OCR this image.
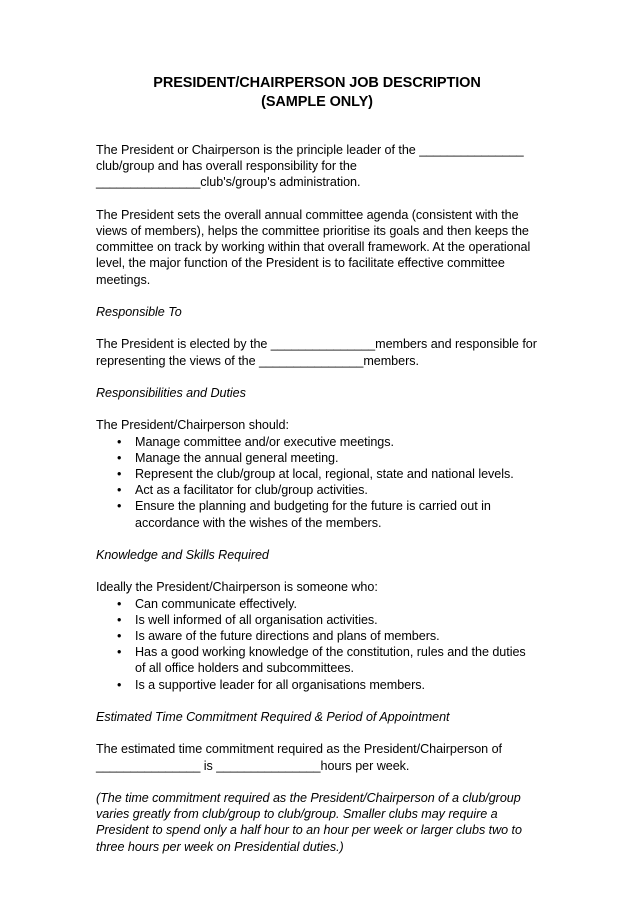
PRESIDENT/CHAIRPERSON JOB DESCRIPTION
(SAMPLE ONLY)

The President or Chairperson is the principle leader of the _______________ club/group and has overall responsibility for the _______________club's/group's administration.

The President sets the overall annual committee agenda (consistent with the views of members), helps the committee prioritise its goals and then keeps the committee on track by working within that overall framework. At the operational level, the major function of the President is to facilitate effective committee meetings.

Responsible To

The President is elected by the _______________members and responsible for representing the views of the _______________members.

Responsibilities and Duties

The President/Chairperson should:

• Manage committee and/or executive meetings.
• Manage the annual general meeting.
• Represent the club/group at local, regional, state and national levels.
• Act as a facilitator for club/group activities.
• Ensure the planning and budgeting for the future is carried out in accordance with the wishes of the members.

Knowledge and Skills Required

Ideally the President/Chairperson is someone who:

• Can communicate effectively.
• Is well informed of all organisation activities.
• Is aware of the future directions and plans of members.
• Has a good working knowledge of the constitution, rules and the duties of all office holders and subcommittees.
• Is a supportive leader for all organisations members.

Estimated Time Commitment Required & Period of Appointment

The estimated time commitment required as the President/Chairperson of _______________ is _______________hours per week.

(The time commitment required as the President/Chairperson of a club/group varies greatly from club/group to club/group. Smaller clubs may require a President to spend only a half hour to an hour per week or larger clubs two to three hours per week on Presidential duties.)
